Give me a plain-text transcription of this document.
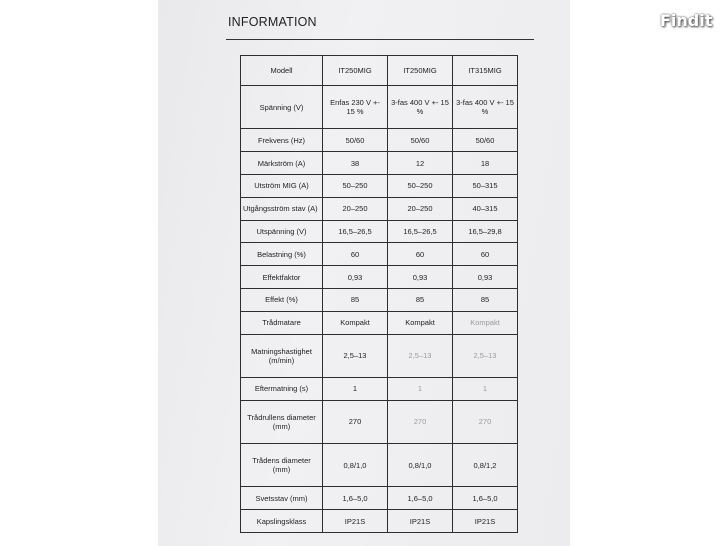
INFORMATION
Modell	IT250MIG	IT250MIG	IT315MIG
Spänning (V)	Enfas 230 V +- 15 %	3-fas 400 V +- 15 %	3-fas 400 V +- 15 %
Frekvens (Hz)	50/60	50/60	50/60
Märkström (A)	38	12	18
Utström MIG (A)	50–250	50–250	50–315
Utgångsström stav (A)	20–250	20–250	40–315
Utspänning (V)	16,5–26,5	16,5–26,5	16,5–29,8
Belastning (%)	60	60	60
Effektfaktor	0,93	0,93	0,93
Effekt (%)	85	85	85
Trådmatare	Kompakt	Kompakt	Kompakt
Matningshastighet (m/min)	2,5–13	2,5–13	2,5–13
Eftermatning (s)	1	1	1
Trådrullens diameter (mm)	270	270	270
Trådens diameter (mm)	0,8/1,0	0,8/1,0	0,8/1,2
Svetsstav (mm)	1,6–5,0	1,6–5,0	1,6–5,0
Kapslingsklass	IP21S	IP21S	IP21S
Findit
